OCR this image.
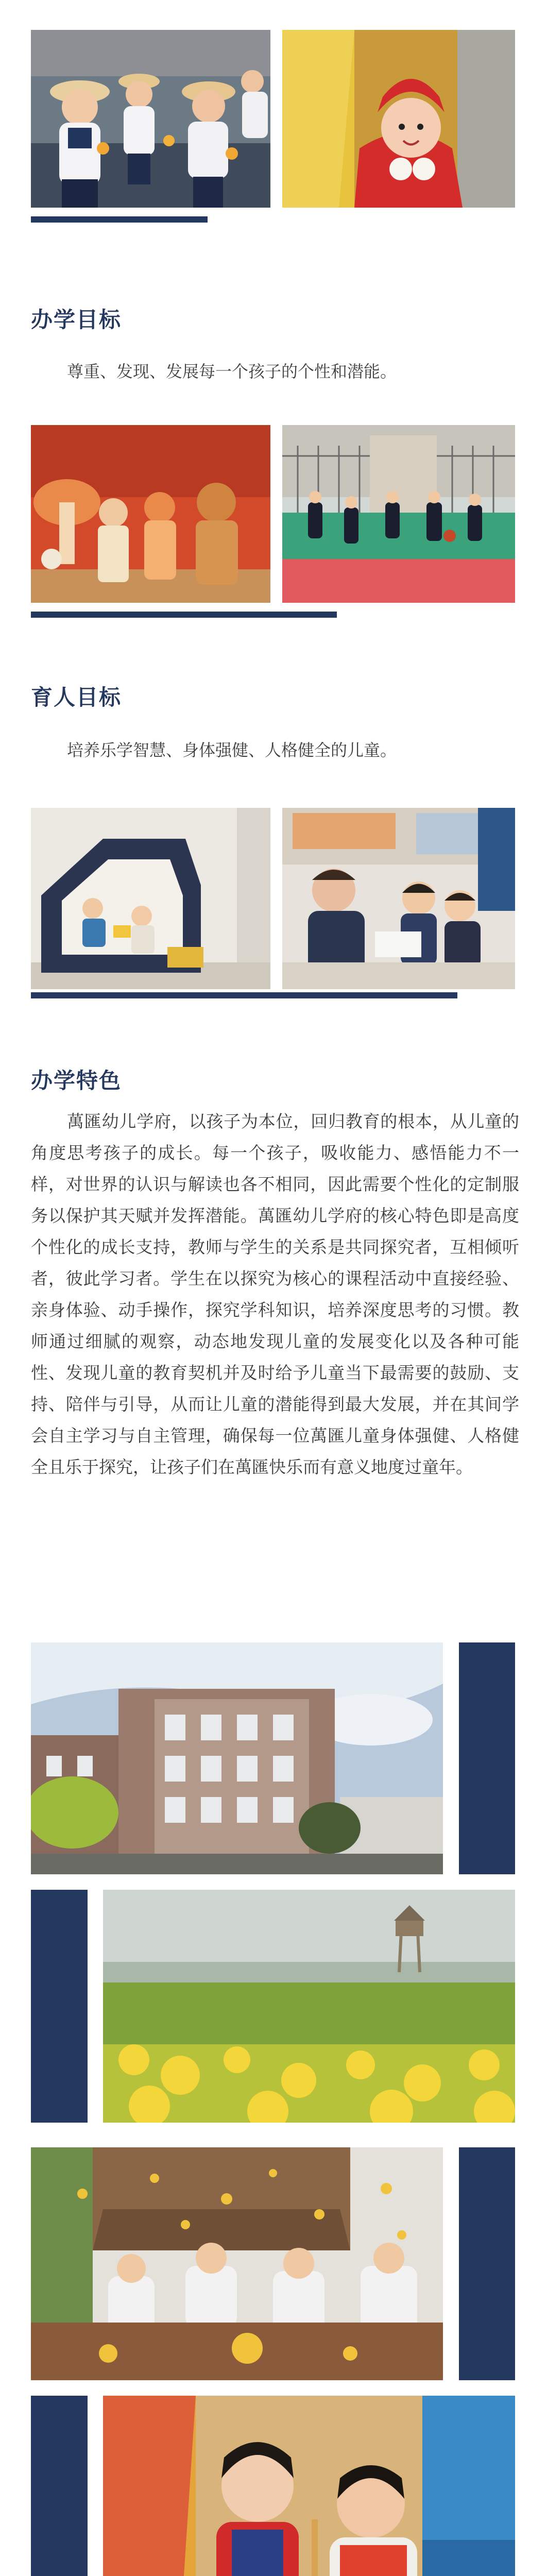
办学目标
尊重、发现、发展每一个孩子的个性和潜能。
育人目标
培养乐学智慧、身体强健、人格健全的儿童。
办学特色

萬匯幼儿学府，以孩子为本位，回归教育的根本，从儿童的角度思考孩子的成长。每一个孩子，吸收能力、感悟能力不一样，对世界的认识与解读也各不相同，因此需要个性化的定制服务以保护其天赋并发挥潜能。萬匯幼儿学府的核心特色即是高度个性化的成长支持，教师与学生的关系是共同探究者，互相倾听者，彼此学习者。学生在以探究为核心的课程活动中直接经验、亲身体验、动手操作，探究学科知识，培养深度思考的习惯。教师通过细腻的观察，动态地发现儿童的发展变化以及各种可能性、发现儿童的教育契机并及时给予儿童当下最需要的鼓励、支持、陪伴与引导，从而让儿童的潜能得到最大发展，并在其间学会自主学习与自主管理，确保每一位萬匯儿童身体强健、人格健全且乐于探究，让孩子们在萬匯快乐而有意义地度过童年。
